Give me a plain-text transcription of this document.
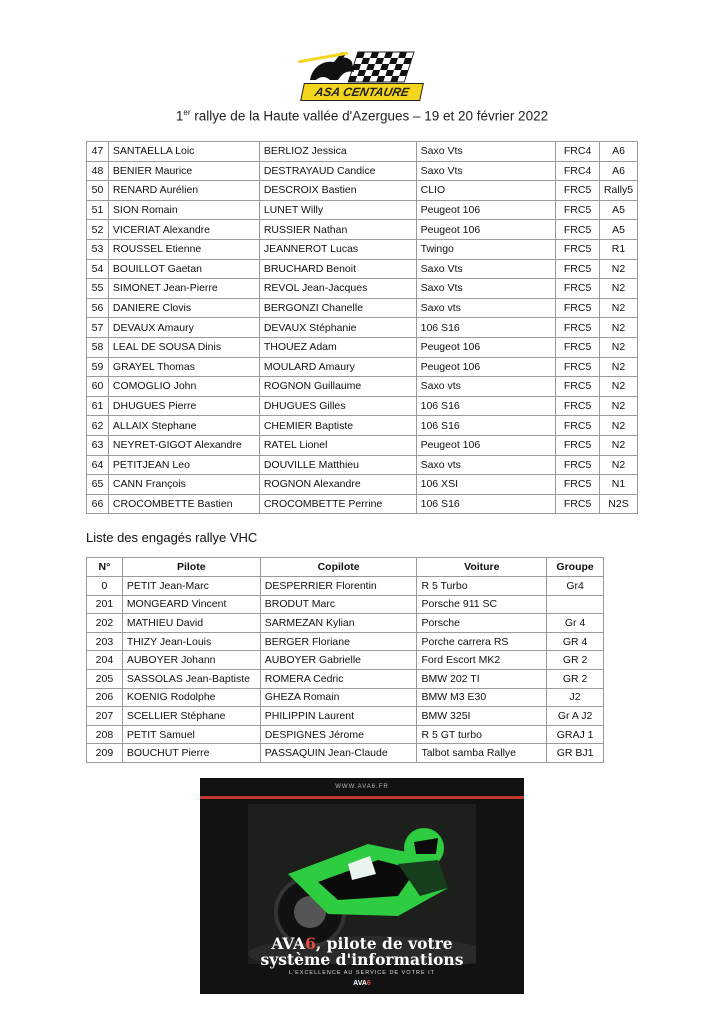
ASA CENTAURE
1er rallye de la Haute vallée d'Azergues – 19 et 20 février 2022
47	SANTAELLA Loic	BERLIOZ Jessica	Saxo Vts	FRC4	A6
48	BENIER Maurice	DESTRAYAUD Candice	Saxo Vts	FRC4	A6
50	RENARD Aurélien	DESCROIX Bastien	CLIO	FRC5	Rally5
51	SION Romain	LUNET Willy	Peugeot 106	FRC5	A5
52	VICERIAT Alexandre	RUSSIER Nathan	Peugeot 106	FRC5	A5
53	ROUSSEL Etienne	JEANNEROT Lucas	Twingo	FRC5	R1
54	BOUILLOT Gaetan	BRUCHARD Benoit	Saxo Vts	FRC5	N2
55	SIMONET Jean-Pierre	REVOL Jean-Jacques	Saxo Vts	FRC5	N2
56	DANIERE Clovis	BERGONZI Chanelle	Saxo vts	FRC5	N2
57	DEVAUX Amaury	DEVAUX Stéphanie	106 S16	FRC5	N2
58	LEAL DE SOUSA Dinis	THOUEZ Adam	Peugeot 106	FRC5	N2
59	GRAYEL Thomas	MOULARD Amaury	Peugeot 106	FRC5	N2
60	COMOGLIO John	ROGNON Guillaume	Saxo vts	FRC5	N2
61	DHUGUES Pierre	DHUGUES Gilles	106 S16	FRC5	N2
62	ALLAIX Stephane	CHEMIER Baptiste	106 S16	FRC5	N2
63	NEYRET-GIGOT Alexandre	RATEL Lionel	Peugeot 106	FRC5	N2
64	PETITJEAN Leo	DOUVILLE Matthieu	Saxo vts	FRC5	N2
65	CANN François	ROGNON Alexandre	106 XSI	FRC5	N1
66	CROCOMBETTE Bastien	CROCOMBETTE Perrine	106 S16	FRC5	N2S
Liste des engagés rallye VHC
N°	Pilote	Copilote	Voiture	Groupe
0	PETIT Jean-Marc	DESPERRIER Florentin	R 5 Turbo	Gr4
201	MONGEARD Vincent	BRODUT Marc	Porsche 911 SC	
202	MATHIEU David	SARMEZAN Kylian	Porsche	Gr 4
203	THIZY Jean-Louis	BERGER Floriane	Porche carrera RS	GR 4
204	AUBOYER Johann	AUBOYER Gabrielle	Ford Escort MK2	GR 2
205	SASSOLAS Jean-Baptiste	ROMERA Cedric	BMW 202 TI	GR 2
206	KOENIG Rodolphe	GHEZA Romain	BMW M3 E30	J2
207	SCELLIER Stéphane	PHILIPPIN Laurent	BMW 325I	Gr A J2
208	PETIT Samuel	DESPIGNES Jérome	R 5 GT turbo	GRAJ 1
209	BOUCHUT Pierre	PASSAQUIN Jean-Claude	Talbot samba Rallye	GR BJ1
WWW.AVA6.FR
AVA6, pilote de votre
système d'informations
L'EXCELLENCE AU SERVICE DE VOTRE IT
AVA6
